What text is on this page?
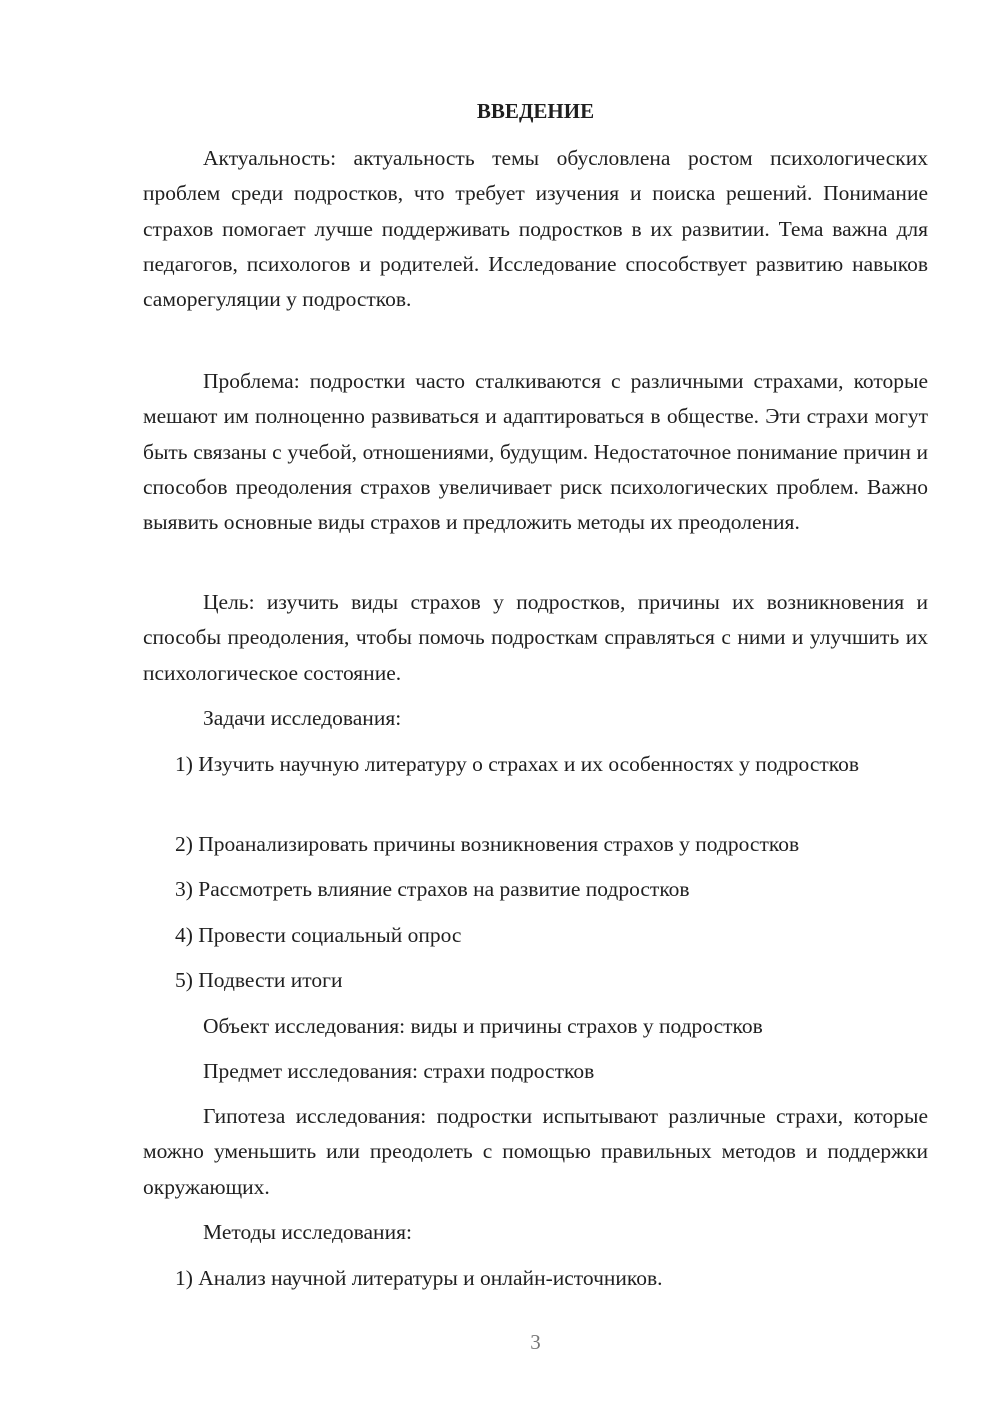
ВВЕДЕНИЕ

Актуальность: актуальность темы обусловлена ростом психологических проблем среди подростков, что требует изучения и поиска решений. Понимание страхов помогает лучше поддерживать подростков в их развитии. Тема важна для педагогов, психологов и родителей. Исследование способствует развитию навыков саморегуляции у подростков.

Проблема: подростки часто сталкиваются с различными страхами, которые мешают им полноценно развиваться и адаптироваться в обществе. Эти страхи могут быть связаны с учебой, отношениями, будущим. Недостаточное понимание причин и способов преодоления страхов увеличивает риск психологических проблем. Важно выявить основные виды страхов и предложить методы их преодоления.

Цель: изучить виды страхов у подростков, причины их возникновения и способы преодоления, чтобы помочь подросткам справляться с ними и улучшить их психологическое состояние.

Задачи исследования:

1) Изучить научную литературу о страхах и их особенностях у подростков

2) Проанализировать причины возникновения страхов у подростков

3) Рассмотреть влияние страхов на развитие подростков

4) Провести социальный опрос

5) Подвести итоги

Объект исследования: виды и причины страхов у подростков

Предмет исследования: страхи подростков

Гипотеза исследования: подростки испытывают различные страхи, которые можно уменьшить или преодолеть с помощью правильных методов и поддержки окружающих.

Методы исследования:

1) Анализ научной литературы и онлайн-источников.

3
